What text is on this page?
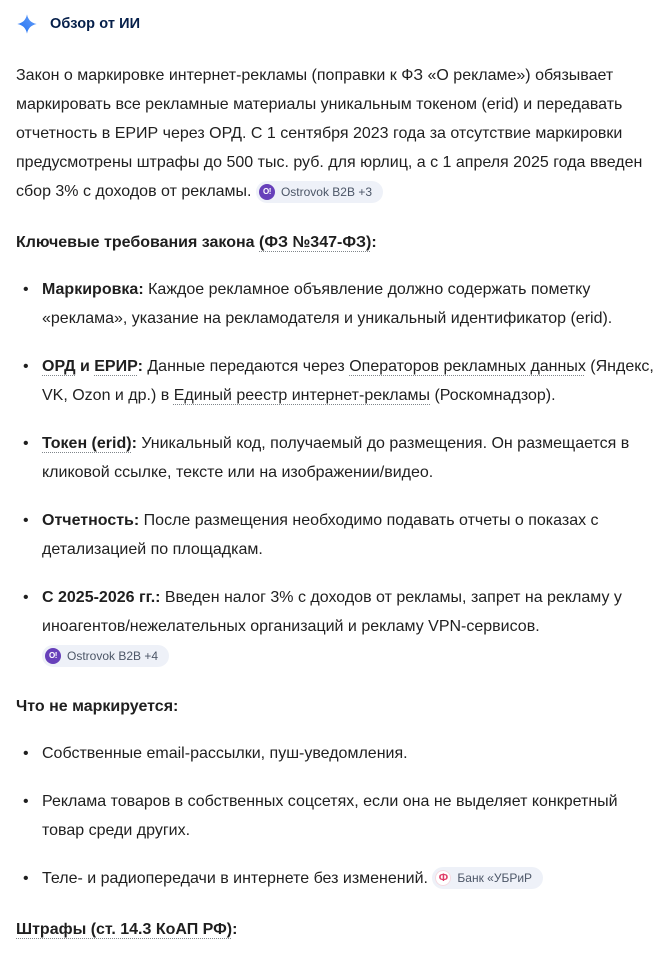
Обзор от ИИ

Закон о маркировке интернет-рекламы (поправки к ФЗ «О рекламе») обязывает маркировать все рекламные материалы уникальным токеном (erid) и передавать отчетность в ЕРИР через ОРД. С 1 сентября 2023 года за отсутствие маркировки предусмотрены штрафы до 500 тыс. руб. для юрлиц, а с 1 апреля 2025 года введен сбор 3% с доходов от рекламы. O! Ostrovok B2B +3

Ключевые требования закона (ФЗ №347-ФЗ):
• Маркировка: Каждое рекламное объявление должно содержать пометку «реклама», указание на рекламодателя и уникальный идентификатор (erid).
• ОРД и ЕРИР: Данные передаются через Операторов рекламных данных (Яндекс, VK, Ozon и др.) в Единый реестр интернет-рекламы (Роскомнадзор).
• Токен (erid): Уникальный код, получаемый до размещения. Он размещается в кликовой ссылке, тексте или на изображении/видео.
• Отчетность: После размещения необходимо подавать отчеты о показах с детализацией по площадкам.
• С 2025-2026 гг.: Введен налог 3% с доходов от рекламы, запрет на рекламу у иноагентов/нежелательных организаций и рекламу VPN-сервисов.
O! Ostrovok B2B +4
Что не маркируется:
• Собственные email-рассылки, пуш-уведомления.
• Реклама товаров в собственных соцсетях, если она не выделяет конкретный товар среди других.
• Теле- и радиопередачи в интернете без изменений. Ф Банк «УБРиР
Штрафы (ст. 14.3 КоАП РФ):
